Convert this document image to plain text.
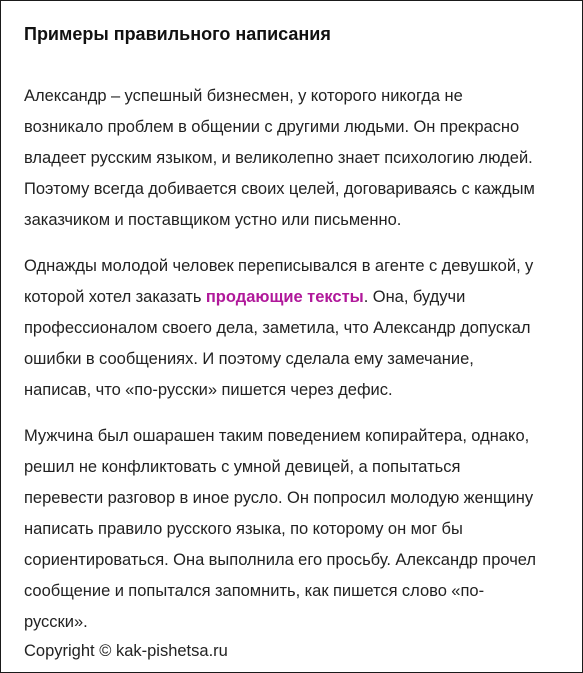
Примеры правильного написания

Александр – успешный бизнесмен, у которого никогда не
возникало проблем в общении с другими людьми. Он прекрасно
владеет русским языком, и великолепно знает психологию людей.
Поэтому всегда добивается своих целей, договариваясь с каждым
заказчиком и поставщиком устно или письменно.

Однажды молодой человек переписывался в агенте с девушкой, у
которой хотел заказать продающие тексты. Она, будучи
профессионалом своего дела, заметила, что Александр допускал
ошибки в сообщениях. И поэтому сделала ему замечание,
написав, что «по-русски» пишется через дефис.

Мужчина был ошарашен таким поведением копирайтера, однако,
решил не конфликтовать с умной девицей, а попытаться
перевести разговор в иное русло. Он попросил молодую женщину
написать правило русского языка, по которому он мог бы
сориентироваться. Она выполнила его просьбу. Александр прочел
сообщение и попытался запомнить, как пишется слово «по-
русски».

Copyright © kak-pishetsa.ru
